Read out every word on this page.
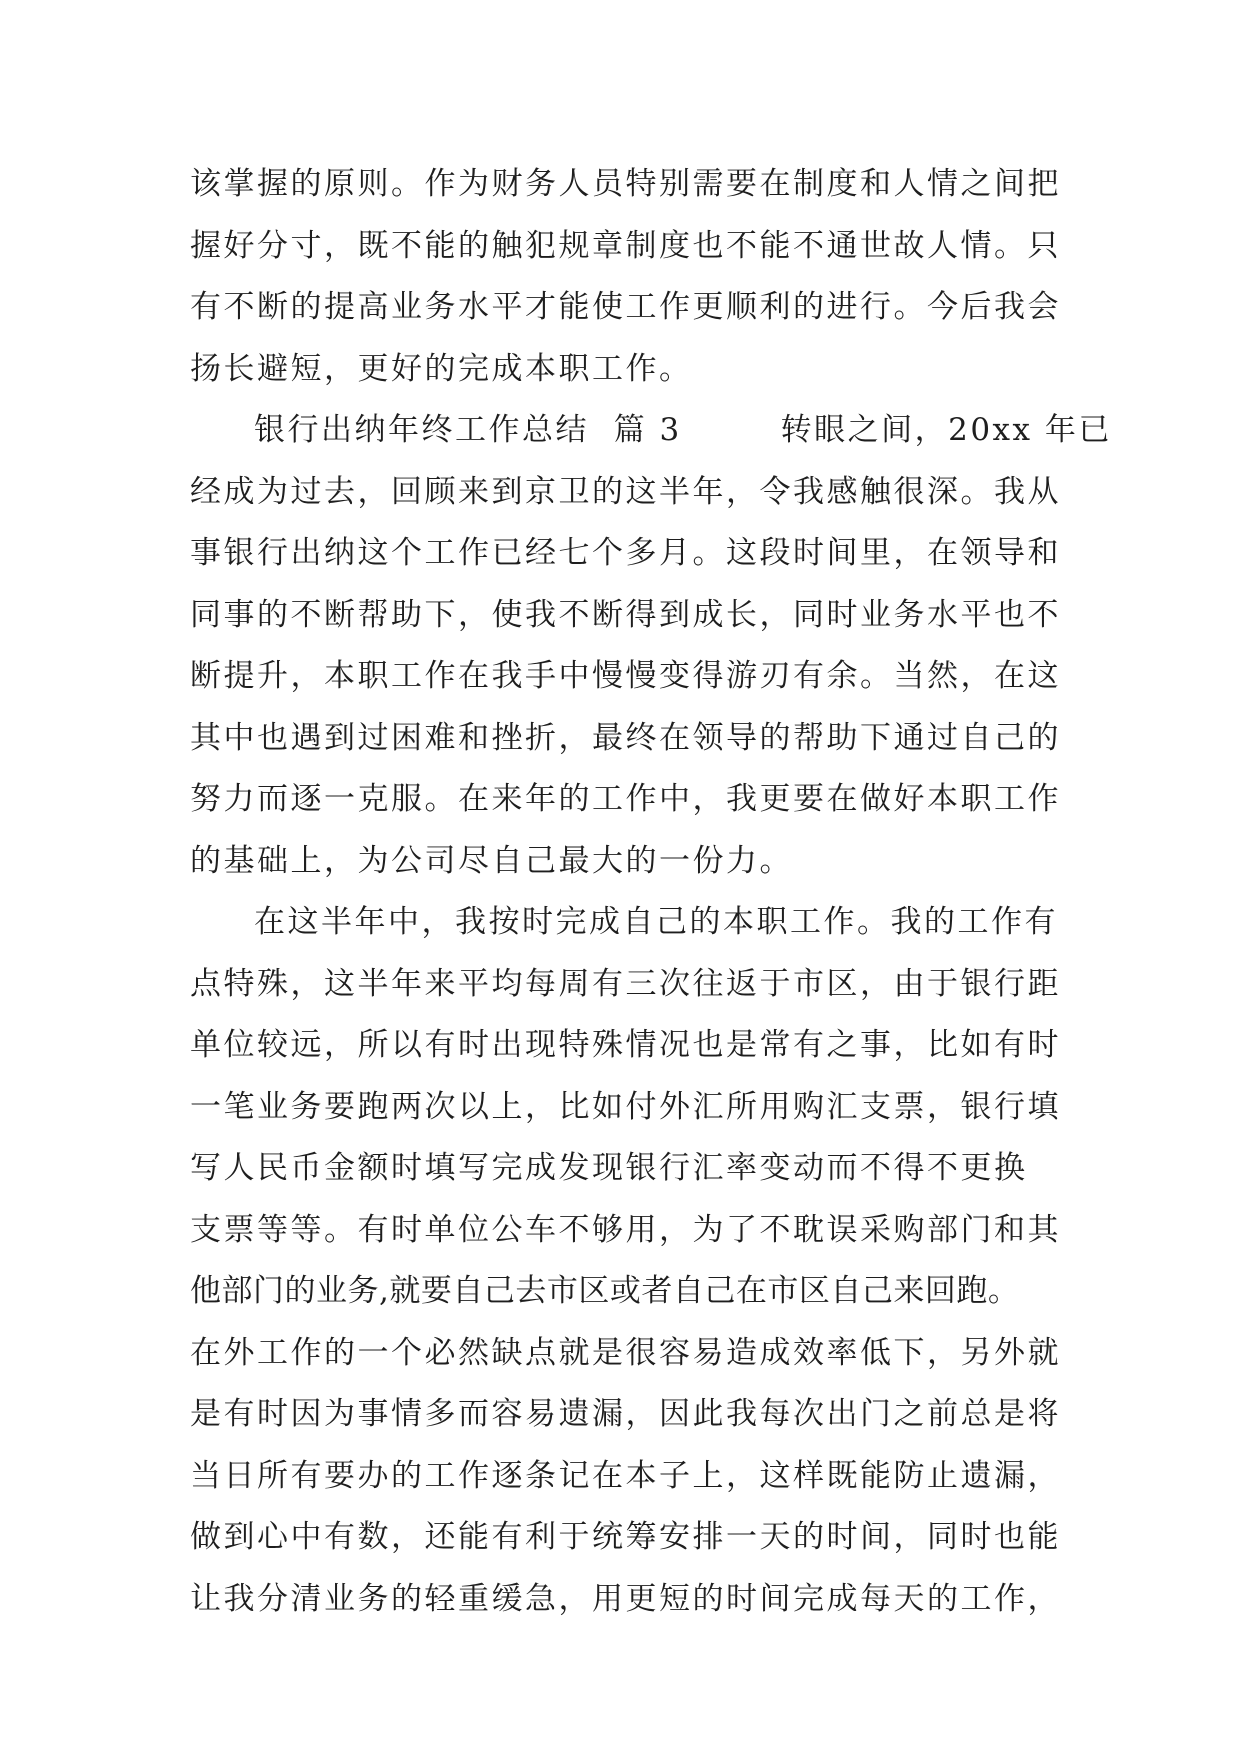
该掌握的原则。作为财务人员特别需要在制度和人情之间把
握好分寸，既不能的触犯规章制度也不能不通世故人情。只
有不断的提高业务水平才能使工作更顺利的进行。今后我会
扬长避短，更好的完成本职工作。
银行出纳年终工作总结  篇 3        转眼之间，20xx 年已
经成为过去，回顾来到京卫的这半年，令我感触很深。我从
事银行出纳这个工作已经七个多月。这段时间里，在领导和
同事的不断帮助下，使我不断得到成长，同时业务水平也不
断提升，本职工作在我手中慢慢变得游刃有余。当然，在这
其中也遇到过困难和挫折，最终在领导的帮助下通过自己的
努力而逐一克服。在来年的工作中，我更要在做好本职工作
的基础上，为公司尽自己最大的一份力。
在这半年中，我按时完成自己的本职工作。我的工作有
点特殊，这半年来平均每周有三次往返于市区，由于银行距
单位较远，所以有时出现特殊情况也是常有之事，比如有时
一笔业务要跑两次以上，比如付外汇所用购汇支票，银行填
写人民币金额时填写完成发现银行汇率变动而不得不更换
支票等等。有时单位公车不够用，为了不耽误采购部门和其
他部门的业务,就要自己去市区或者自己在市区自己来回跑。
在外工作的一个必然缺点就是很容易造成效率低下，另外就
是有时因为事情多而容易遗漏，因此我每次出门之前总是将
当日所有要办的工作逐条记在本子上，这样既能防止遗漏，
做到心中有数，还能有利于统筹安排一天的时间，同时也能
让我分清业务的轻重缓急，用更短的时间完成每天的工作，
